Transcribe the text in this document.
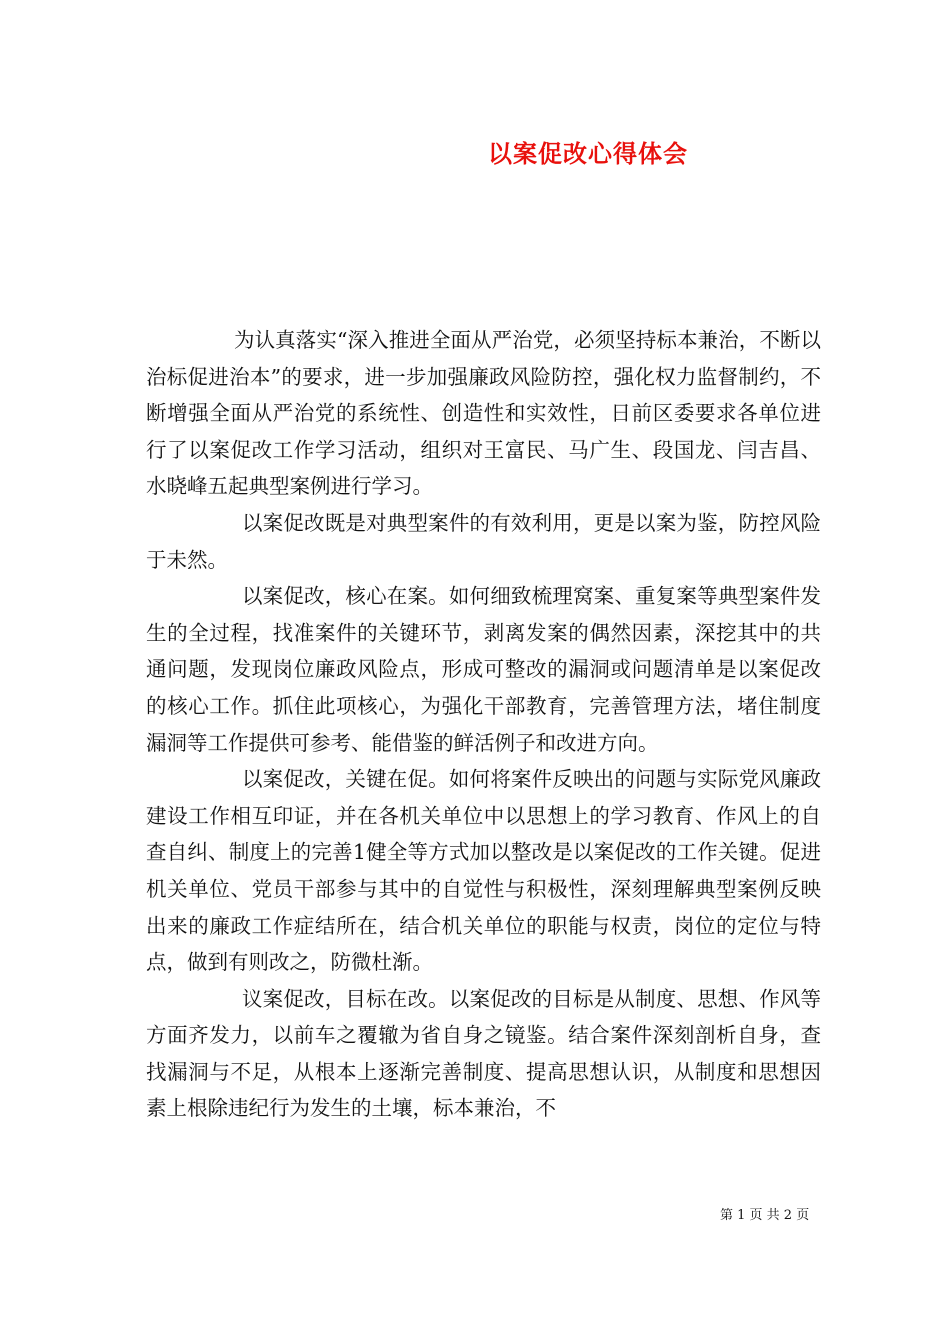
以案促改心得体会

为认真落实“深入推进全面从严治党，必须坚持标本兼治，不断以治标促进治本”的要求，进一步加强廉政风险防控，强化权力监督制约，不断增强全面从严治党的系统性、创造性和实效性，日前区委要求各单位进行了以案促改工作学习活动，组织对王富民、马广生、段国龙、闫吉昌、水晓峰五起典型案例进行学习。

以案促改既是对典型案件的有效利用，更是以案为鉴，防控风险于未然。

以案促改，核心在案。如何细致梳理窝案、重复案等典型案件发生的全过程，找准案件的关键环节，剥离发案的偶然因素，深挖其中的共通问题，发现岗位廉政风险点，形成可整改的漏洞或问题清单是以案促改的核心工作。抓住此项核心，为强化干部教育，完善管理方法，堵住制度漏洞等工作提供可参考、能借鉴的鲜活例子和改进方向。

以案促改，关键在促。如何将案件反映出的问题与实际党风廉政建设工作相互印证，并在各机关单位中以思想上的学习教育、作风上的自查自纠、制度上的完善1健全等方式加以整改是以案促改的工作关键。促进机关单位、党员干部参与其中的自觉性与积极性，深刻理解典型案例反映出来的廉政工作症结所在，结合机关单位的职能与权责，岗位的定位与特点，做到有则改之，防微杜渐。

议案促改，目标在改。以案促改的目标是从制度、思想、作风等方面齐发力，以前车之覆辙为省自身之镜鉴。结合案件深刻剖析自身，查找漏洞与不足，从根本上逐渐完善制度、提高思想认识，从制度和思想因素上根除违纪行为发生的土壤，标本兼治，不

第 1 页 共 2 页
